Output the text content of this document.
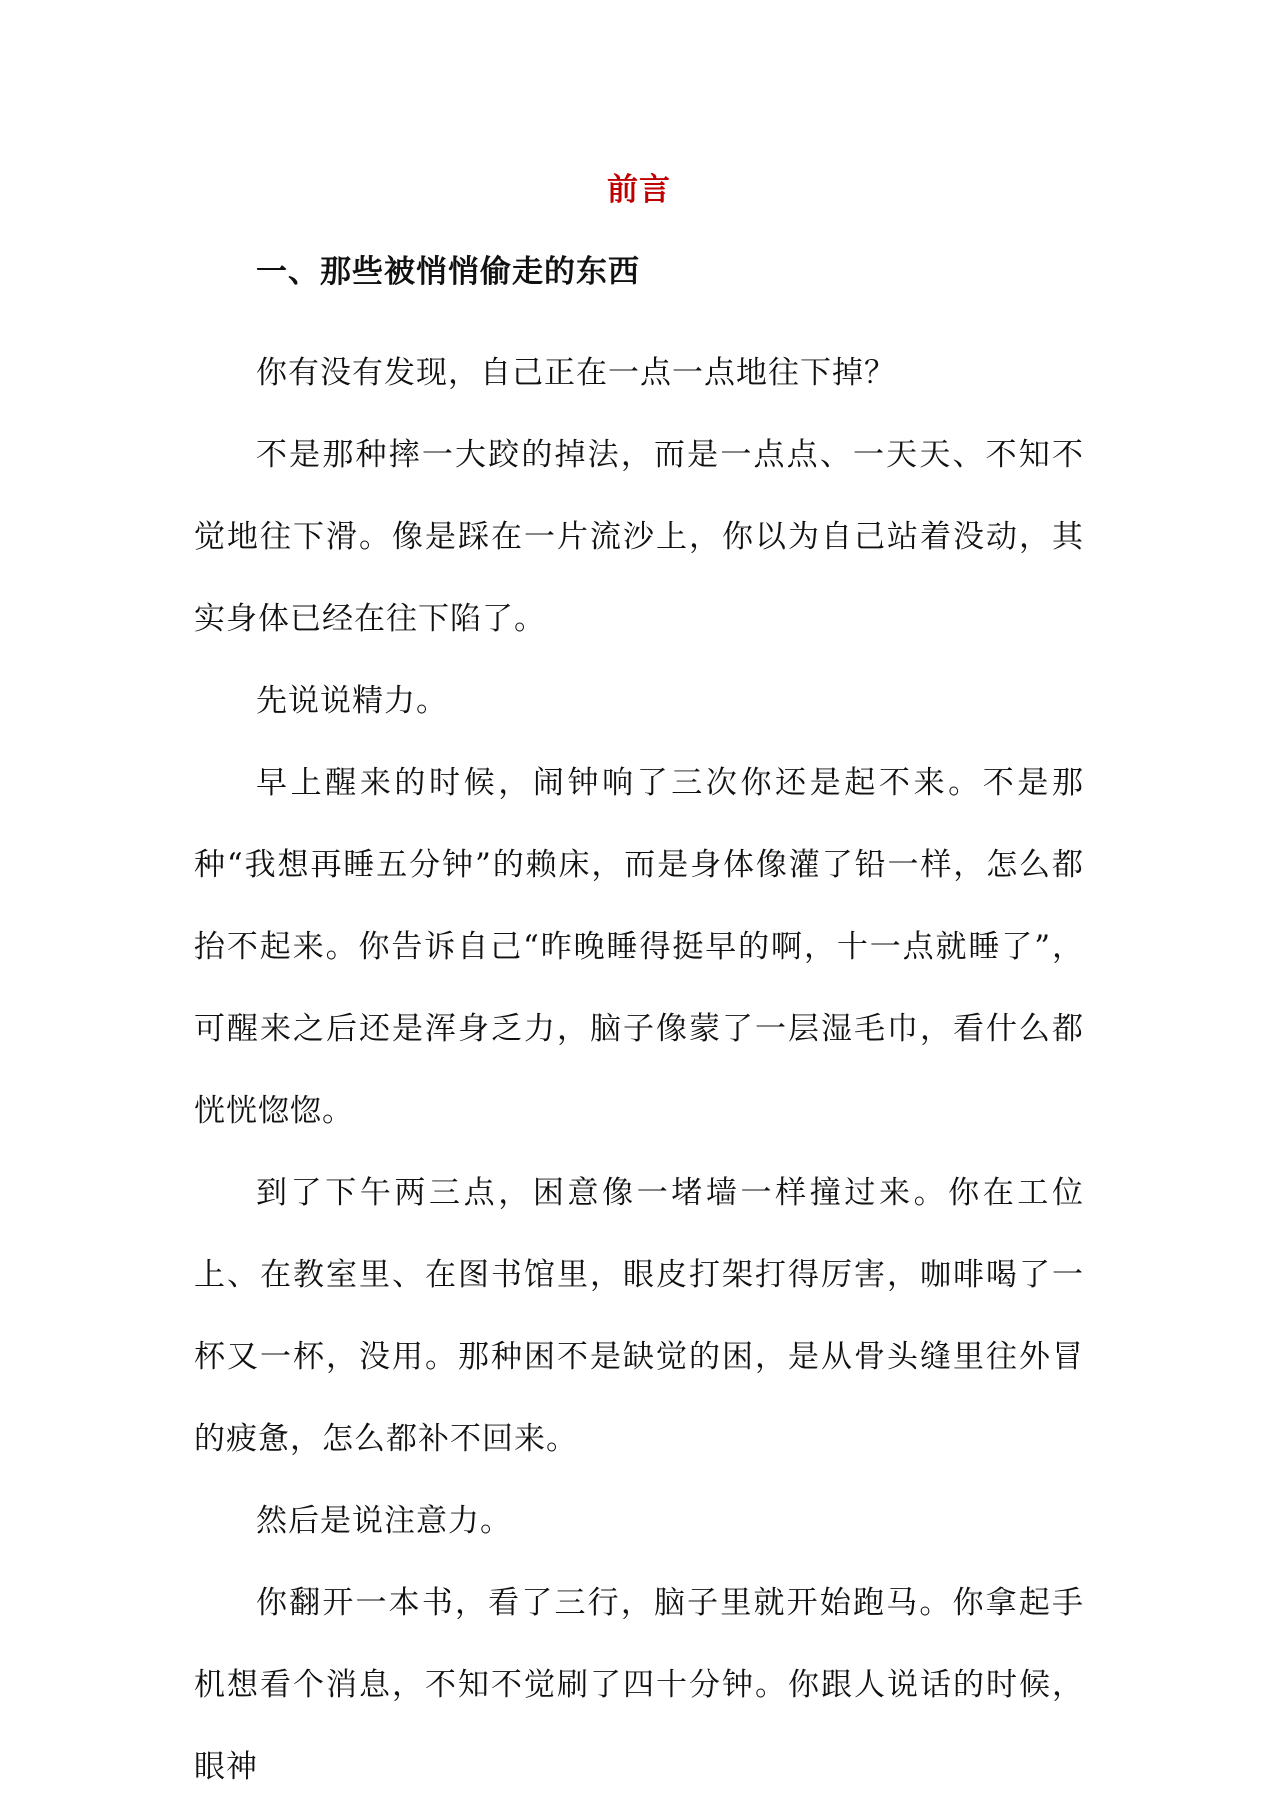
前言
一、那些被悄悄偷走的东西

你有没有发现，自己正在一点一点地往下掉？

不是那种摔一大跤的掉法，而是一点点、一天天、不知不觉地往下滑。像是踩在一片流沙上，你以为自己站着没动，其实身体已经在往下陷了。

先说说精力。

早上醒来的时候，闹钟响了三次你还是起不来。不是那种“我想再睡五分钟”的赖床，而是身体像灌了铅一样，怎么都抬不起来。你告诉自己“昨晚睡得挺早的啊，十一点就睡了”，可醒来之后还是浑身乏力，脑子像蒙了一层湿毛巾，看什么都恍恍惚惚。

到了下午两三点，困意像一堵墙一样撞过来。你在工位上、在教室里、在图书馆里，眼皮打架打得厉害，咖啡喝了一杯又一杯，没用。那种困不是缺觉的困，是从骨头缝里往外冒的疲惫，怎么都补不回来。

然后是说注意力。

你翻开一本书，看了三行，脑子里就开始跑马。你拿起手机想看个消息，不知不觉刷了四十分钟。你跟人说话的时候，眼神
